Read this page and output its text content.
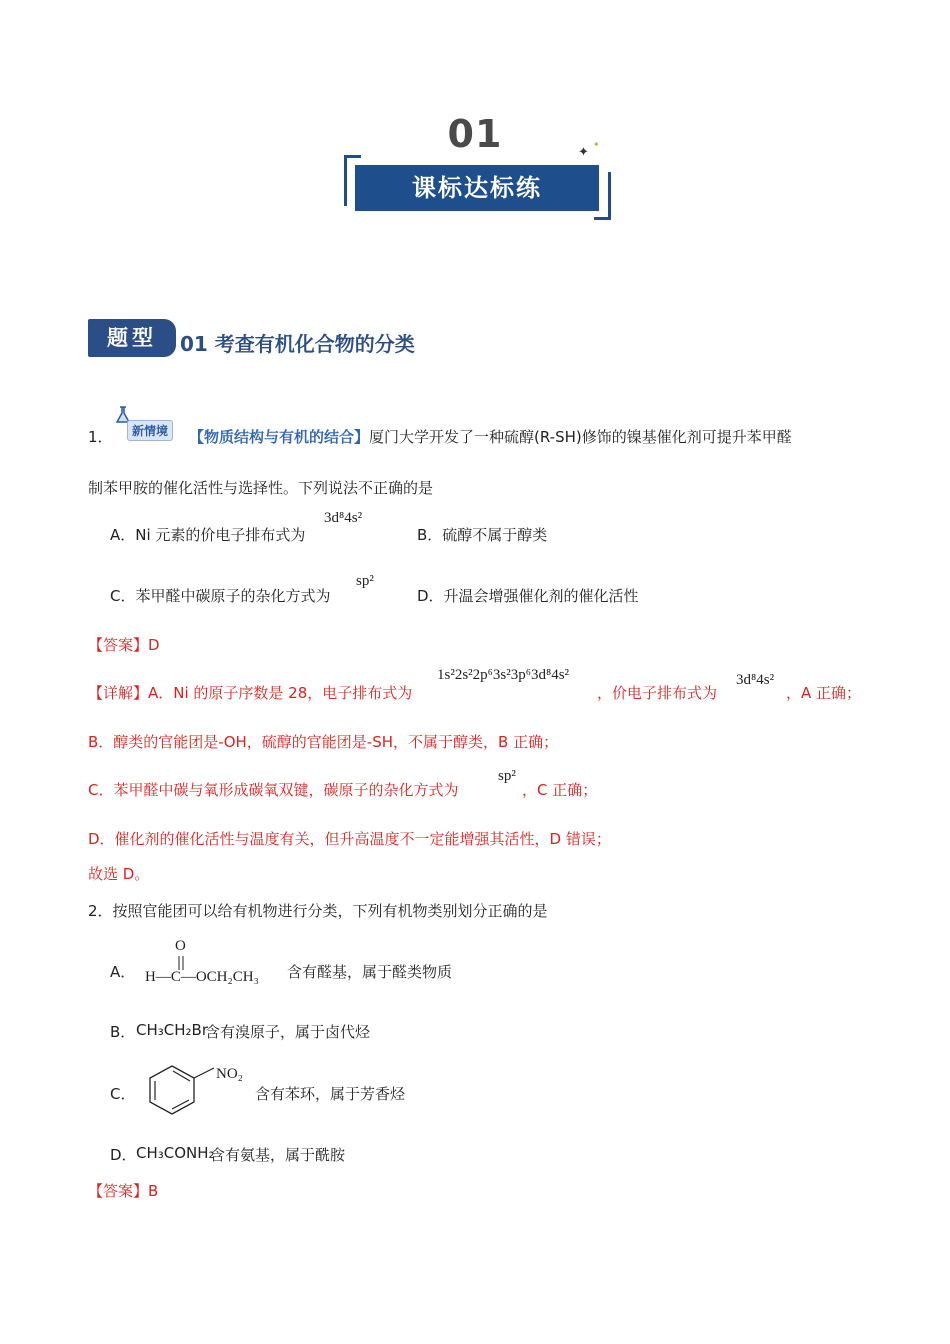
01	✦
✦
课标达标练
题型	01 考查有机化合物的分类
1．	新情境	【物质结构与有机的结合】厦门大学开发了一种硫醇(R-SH)修饰的镍基催化剂可提升苯甲醛
制苯甲胺的催化活性与选择性。下列说法不正确的是
A．Ni 元素的价电子排布式为
3d⁸4s²
B．硫醇不属于醇类
C．苯甲醛中碳原子的杂化方式为
sp²
D．升温会增强催化剂的催化活性
【答案】D
【详解】A．Ni 的原子序数是 28，电子排布式为
1s²2s²2p⁶3s²3p⁶3d⁸4s²
，价电子排布式为
3d⁸4s²
，A 正确；
B．醇类的官能团是-OH，硫醇的官能团是-SH，不属于醇类，B 正确；
C．苯甲醛中碳与氧形成碳氧双键，碳原子的杂化方式为
sp²
，C 正确；
D．催化剂的催化活性与温度有关，但升高温度不一定能增强其活性，D 错误；
故选 D。
2．按照官能团可以给有机物进行分类，下列有机物类别划分正确的是
A．
O
H—C—OCH₂CH₃ 含有醛基，属于醛类物质
B． CH₃CH₂Br
含有溴原子，属于卤代烃
C．
NO₂
含有苯环，属于芳香烃
D． CH₃CONH₂
含有氨基，属于酰胺
【答案】B
